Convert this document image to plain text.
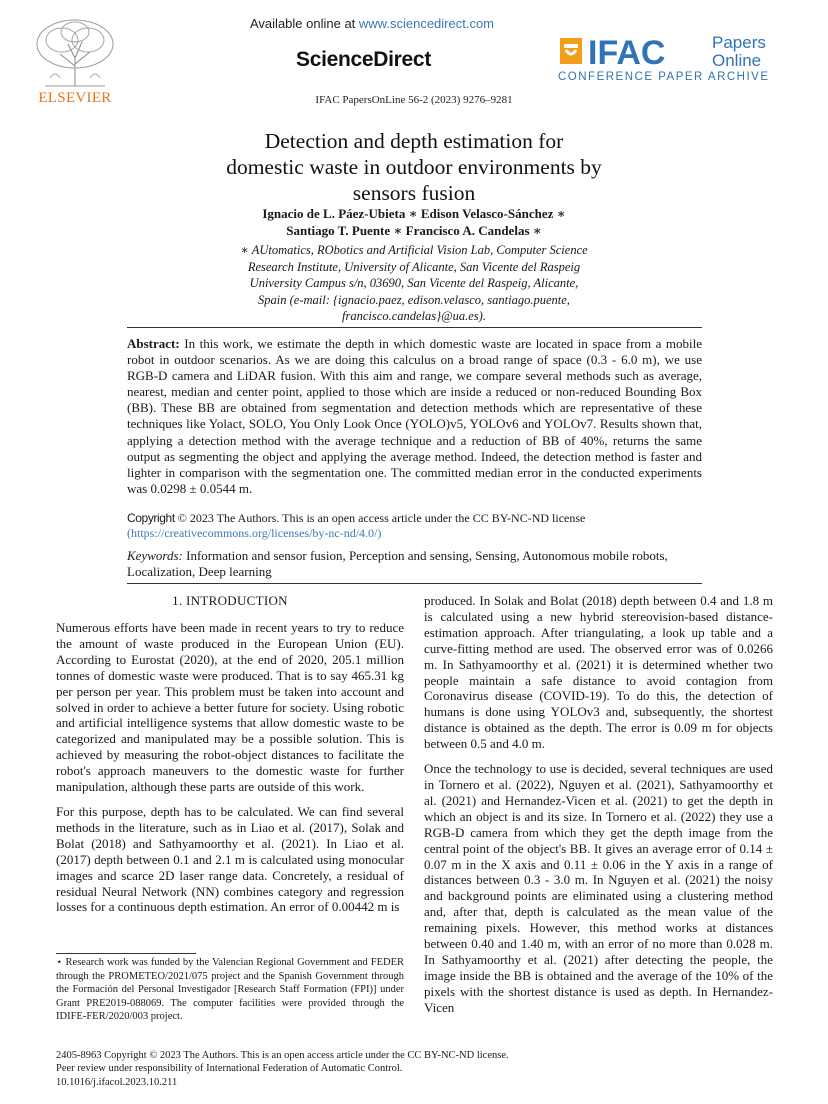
ELSEVIER
Available online at www.sciencedirect.com
ScienceDirect	IFAC	Papers
Online
CONFERENCE PAPER ARCHIVE
IFAC PapersOnLine 56-2 (2023) 9276–9281
Detection and depth estimation for
domestic waste in outdoor environments by
sensors fusion
Ignacio de L. Páez-Ubieta ∗ Edison Velasco-Sánchez ∗
Santiago T. Puente ∗ Francisco A. Candelas ∗
∗ AUtomatics, RObotics and Artificial Vision Lab, Computer Science
Research Institute, University of Alicante, San Vicente del Raspeig
University Campus s/n, 03690, San Vicente del Raspeig, Alicante,
Spain (e-mail: {ignacio.paez, edison.velasco, santiago.puente,
francisco.candelas}@ua.es).
Abstract: In this work, we estimate the depth in which domestic waste are located in space from a mobile robot in outdoor scenarios. As we are doing this calculus on a broad range of space (0.3 - 6.0 m), we use RGB-D camera and LiDAR fusion. With this aim and range, we compare several methods such as average, nearest, median and center point, applied to those which are inside a reduced or non-reduced Bounding Box (BB). These BB are obtained from segmentation and detection methods which are representative of these techniques like Yolact, SOLO, You Only Look Once (YOLO)v5, YOLOv6 and YOLOv7. Results shown that, applying a detection method with the average technique and a reduction of BB of 40%, returns the same output as segmenting the object and applying the average method. Indeed, the detection method is faster and lighter in comparison with the segmentation one. The committed median error in the conducted experiments was 0.0298 ± 0.0544 m.
Copyright © 2023 The Authors. This is an open access article under the CC BY-NC-ND license
(https://creativecommons.org/licenses/by-nc-nd/4.0/)
Keywords: Information and sensor fusion, Perception and sensing, Sensing, Autonomous mobile robots, Localization, Deep learning
1. INTRODUCTION

Numerous efforts have been made in recent years to try to reduce the amount of waste produced in the European Union (EU). According to Eurostat (2020), at the end of 2020, 205.1 million tonnes of domestic waste were produced. That is to say 465.31 kg per person per year. This problem must be taken into account and solved in order to achieve a better future for society. Using robotic and artificial intelligence systems that allow domestic waste to be categorized and manipulated may be a possible solution. This is achieved by measuring the robot-object distances to facilitate the robot's approach maneuvers to the domestic waste for further manipulation, although these parts are outside of this work.

For this purpose, depth has to be calculated. We can find several methods in the literature, such as in Liao et al. (2017), Solak and Bolat (2018) and Sathyamoorthy et al. (2021). In Liao et al. (2017) depth between 0.1 and 2.1 m is calculated using monocular images and scarce 2D laser range data. Concretely, a residual of residual Neural Network (NN) combines category and regression losses for a continuous depth estimation. An error of 0.00442 m is

produced. In Solak and Bolat (2018) depth between 0.4 and 1.8 m is calculated using a new hybrid stereovision-based distance-estimation approach. After triangulating, a look up table and a curve-fitting method are used. The observed error was of 0.0266 m. In Sathyamoorthy et al. (2021) it is determined whether two people maintain a safe distance to avoid contagion from Coronavirus disease (COVID-19). To do this, the detection of humans is done using YOLOv3 and, subsequently, the shortest distance is obtained as the depth. The error is 0.09 m for objects between 0.5 and 4.0 m.

Once the technology to use is decided, several techniques are used in Tornero et al. (2022), Nguyen et al. (2021), Sathyamoorthy et al. (2021) and Hernandez-Vicen et al. (2021) to get the depth in which an object is and its size. In Tornero et al. (2022) they use a RGB-D camera from which they get the depth image from the central point of the object's BB. It gives an average error of 0.14 ± 0.07 m in the X axis and 0.11 ± 0.06 in the Y axis in a range of distances between 0.3 - 3.0 m. In Nguyen et al. (2021) the noisy and background points are eliminated using a clustering method and, after that, depth is calculated as the mean value of the remaining pixels. However, this method works at distances between 0.40 and 1.40 m, with an error of no more than 0.028 m. In Sathyamoorthy et al. (2021) after detecting the people, the image inside the BB is obtained and the average of the 10% of the pixels with the shortest distance is used as depth. In Hernandez-Vicen

⋆ Research work was funded by the Valencian Regional Government and FEDER through the PROMETEO/2021/075 project and the Spanish Government through the Formación del Personal Investigador [Research Staff Formation (FPI)] under Grant PRE2019-088069. The computer facilities were provided through the IDIFE-FER/2020/003 project.
2405-8963 Copyright © 2023 The Authors. This is an open access article under the CC BY-NC-ND license.
Peer review under responsibility of International Federation of Automatic Control.
10.1016/j.ifacol.2023.10.211
